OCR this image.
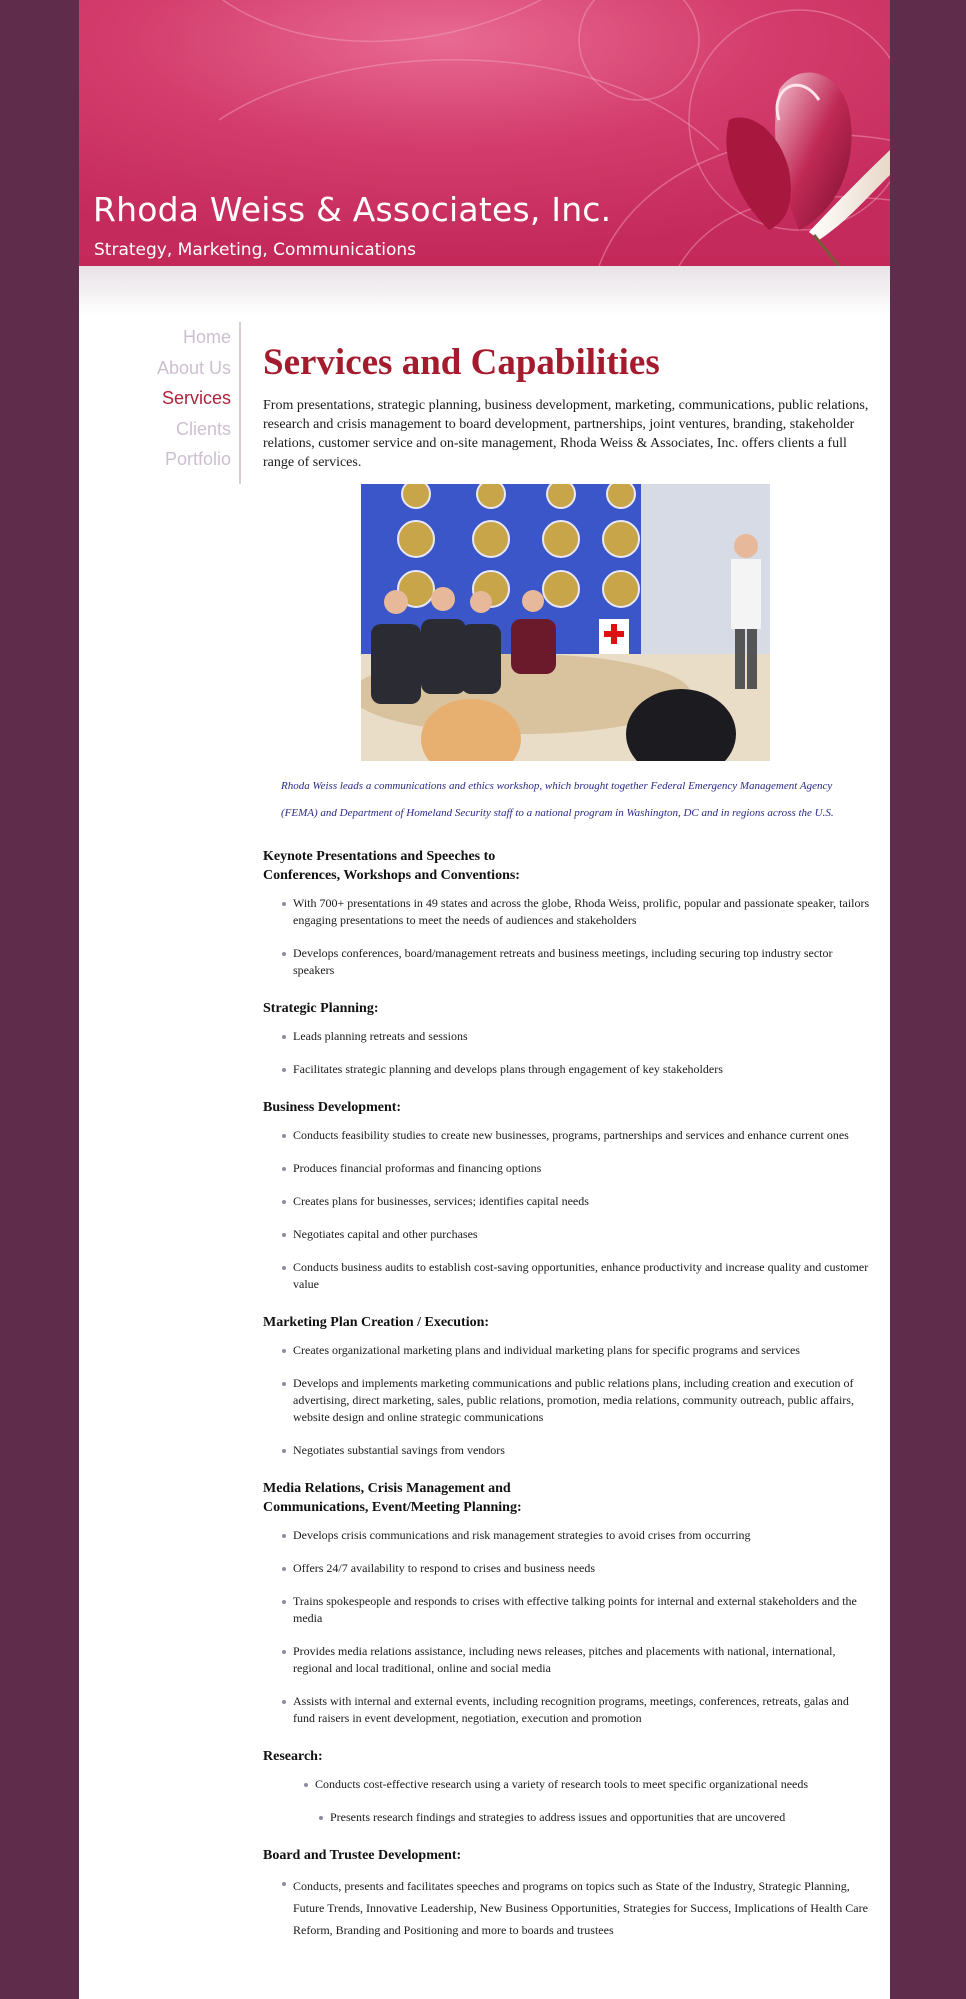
Rhoda Weiss & Associates, Inc.
Strategy, Marketing, Communications
Home
About Us
Services
Clients
Portfolio
Services and Capabilities

From presentations, strategic planning, business development, marketing, communications, public relations, research and crisis management to board development, partnerships, joint ventures, branding, stakeholder relations, customer service and on-site management, Rhoda Weiss & Associates, Inc. offers clients a full range of services.

Rhoda Weiss leads a communications and ethics workshop, which brought together Federal Emergency Management Agency (FEMA) and Department of Homeland Security staff to a national program in Washington, DC and in regions across the U.S.

Keynote Presentations and Speeches to
Conferences, Workshops and Conventions:
With 700+ presentations in 49 states and across the globe, Rhoda Weiss, prolific, popular and passionate speaker, tailors engaging presentations to meet the needs of audiences and stakeholders
Develops conferences, board/management retreats and business meetings, including securing top industry sector speakers
Strategic Planning:
Leads planning retreats and sessions
Facilitates strategic planning and develops plans through engagement of key stakeholders
Business Development:
Conducts feasibility studies to create new businesses, programs, partnerships and services and enhance current ones
Produces financial proformas and financing options
Creates plans for businesses, services; identifies capital needs
Negotiates capital and other purchases
Conducts business audits to establish cost-saving opportunities, enhance productivity and increase quality and customer value
Marketing Plan Creation / Execution:
Creates organizational marketing plans and individual marketing plans for specific programs and services
Develops and implements marketing communications and public relations plans, including creation and execution of advertising, direct marketing, sales, public relations, promotion, media relations, community outreach, public affairs, website design and online strategic communications
Negotiates substantial savings from vendors
Media Relations, Crisis Management and
Communications, Event/Meeting Planning:
Develops crisis communications and risk management strategies to avoid crises from occurring
Offers 24/7 availability to respond to crises and business needs
Trains spokespeople and responds to crises with effective talking points for internal and external stakeholders and the media
Provides media relations assistance, including news releases, pitches and placements with national, international, regional and local traditional, online and social media
Assists with internal and external events, including recognition programs, meetings, conferences, retreats, galas and fund raisers in event development, negotiation, execution and promotion
Research:
Conducts cost-effective research using a variety of research tools to meet specific organizational needs
Presents research findings and strategies to address issues and opportunities that are uncovered
Board and Trustee Development:
Conducts, presents and facilitates speeches and programs on topics such as State of the Industry, Strategic Planning, Future Trends, Innovative Leadership, New Business Opportunities, Strategies for Success, Implications of Health Care Reform, Branding and Positioning and more to boards and trustees
